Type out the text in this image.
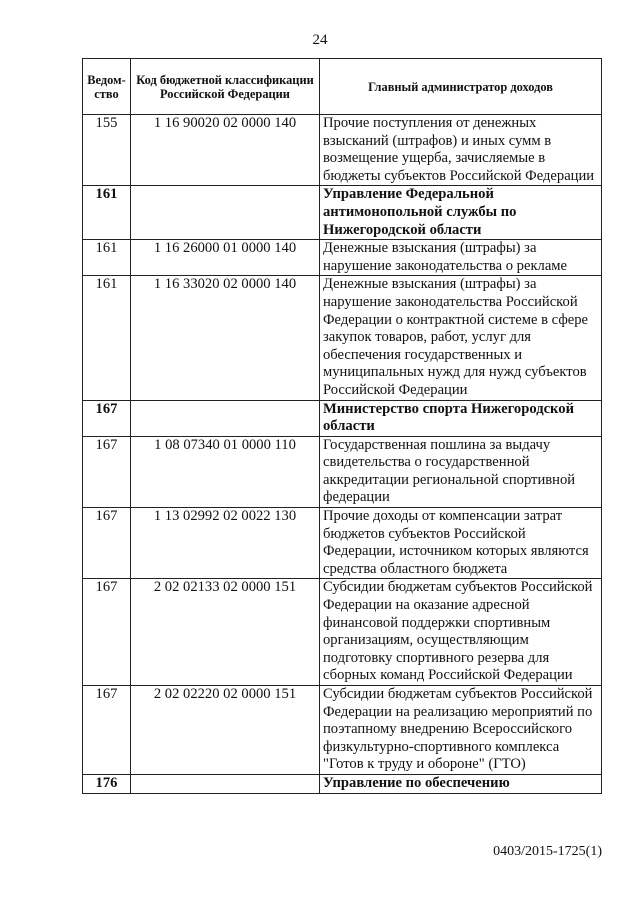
24
Ведом-ство	Код бюджетной классификации Российской Федерации	Главный администратор доходов
155	1 16 90020 02 0000 140	Прочие поступления от денежных взысканий (штрафов) и иных сумм в возмещение ущерба, зачисляемые в бюджеты субъектов Российской Федерации
161		Управление Федеральной антимонопольной службы по Нижегородской области
161	1 16 26000 01 0000 140	Денежные взыскания (штрафы) за нарушение законодательства о рекламе
161	1 16 33020 02 0000 140	Денежные взыскания (штрафы) за нарушение законодательства Российской Федерации о контрактной системе в сфере закупок товаров, работ, услуг для обеспечения государственных и муниципальных нужд для нужд субъектов Российской Федерации
167		Министерство спорта Нижегородской области
167	1 08 07340 01 0000 110	Государственная пошлина за выдачу свидетельства о государственной аккредитации региональной спортивной федерации
167	1 13 02992 02 0022 130	Прочие доходы от компенсации затрат бюджетов субъектов Российской Федерации, источником которых являются средства областного бюджета
167	2 02 02133 02 0000 151	Субсидии бюджетам субъектов Российской Федерации на оказание адресной финансовой поддержки спортивным организациям, осуществляющим подготовку спортивного резерва для сборных команд Российской Федерации
167	2 02 02220 02 0000 151	Субсидии бюджетам субъектов Российской Федерации на реализацию мероприятий по поэтапному внедрению Всероссийского физкультурно-спортивного комплекса "Готов к труду и обороне" (ГТО)
176		Управление по обеспечению
0403/2015-1725(1)
